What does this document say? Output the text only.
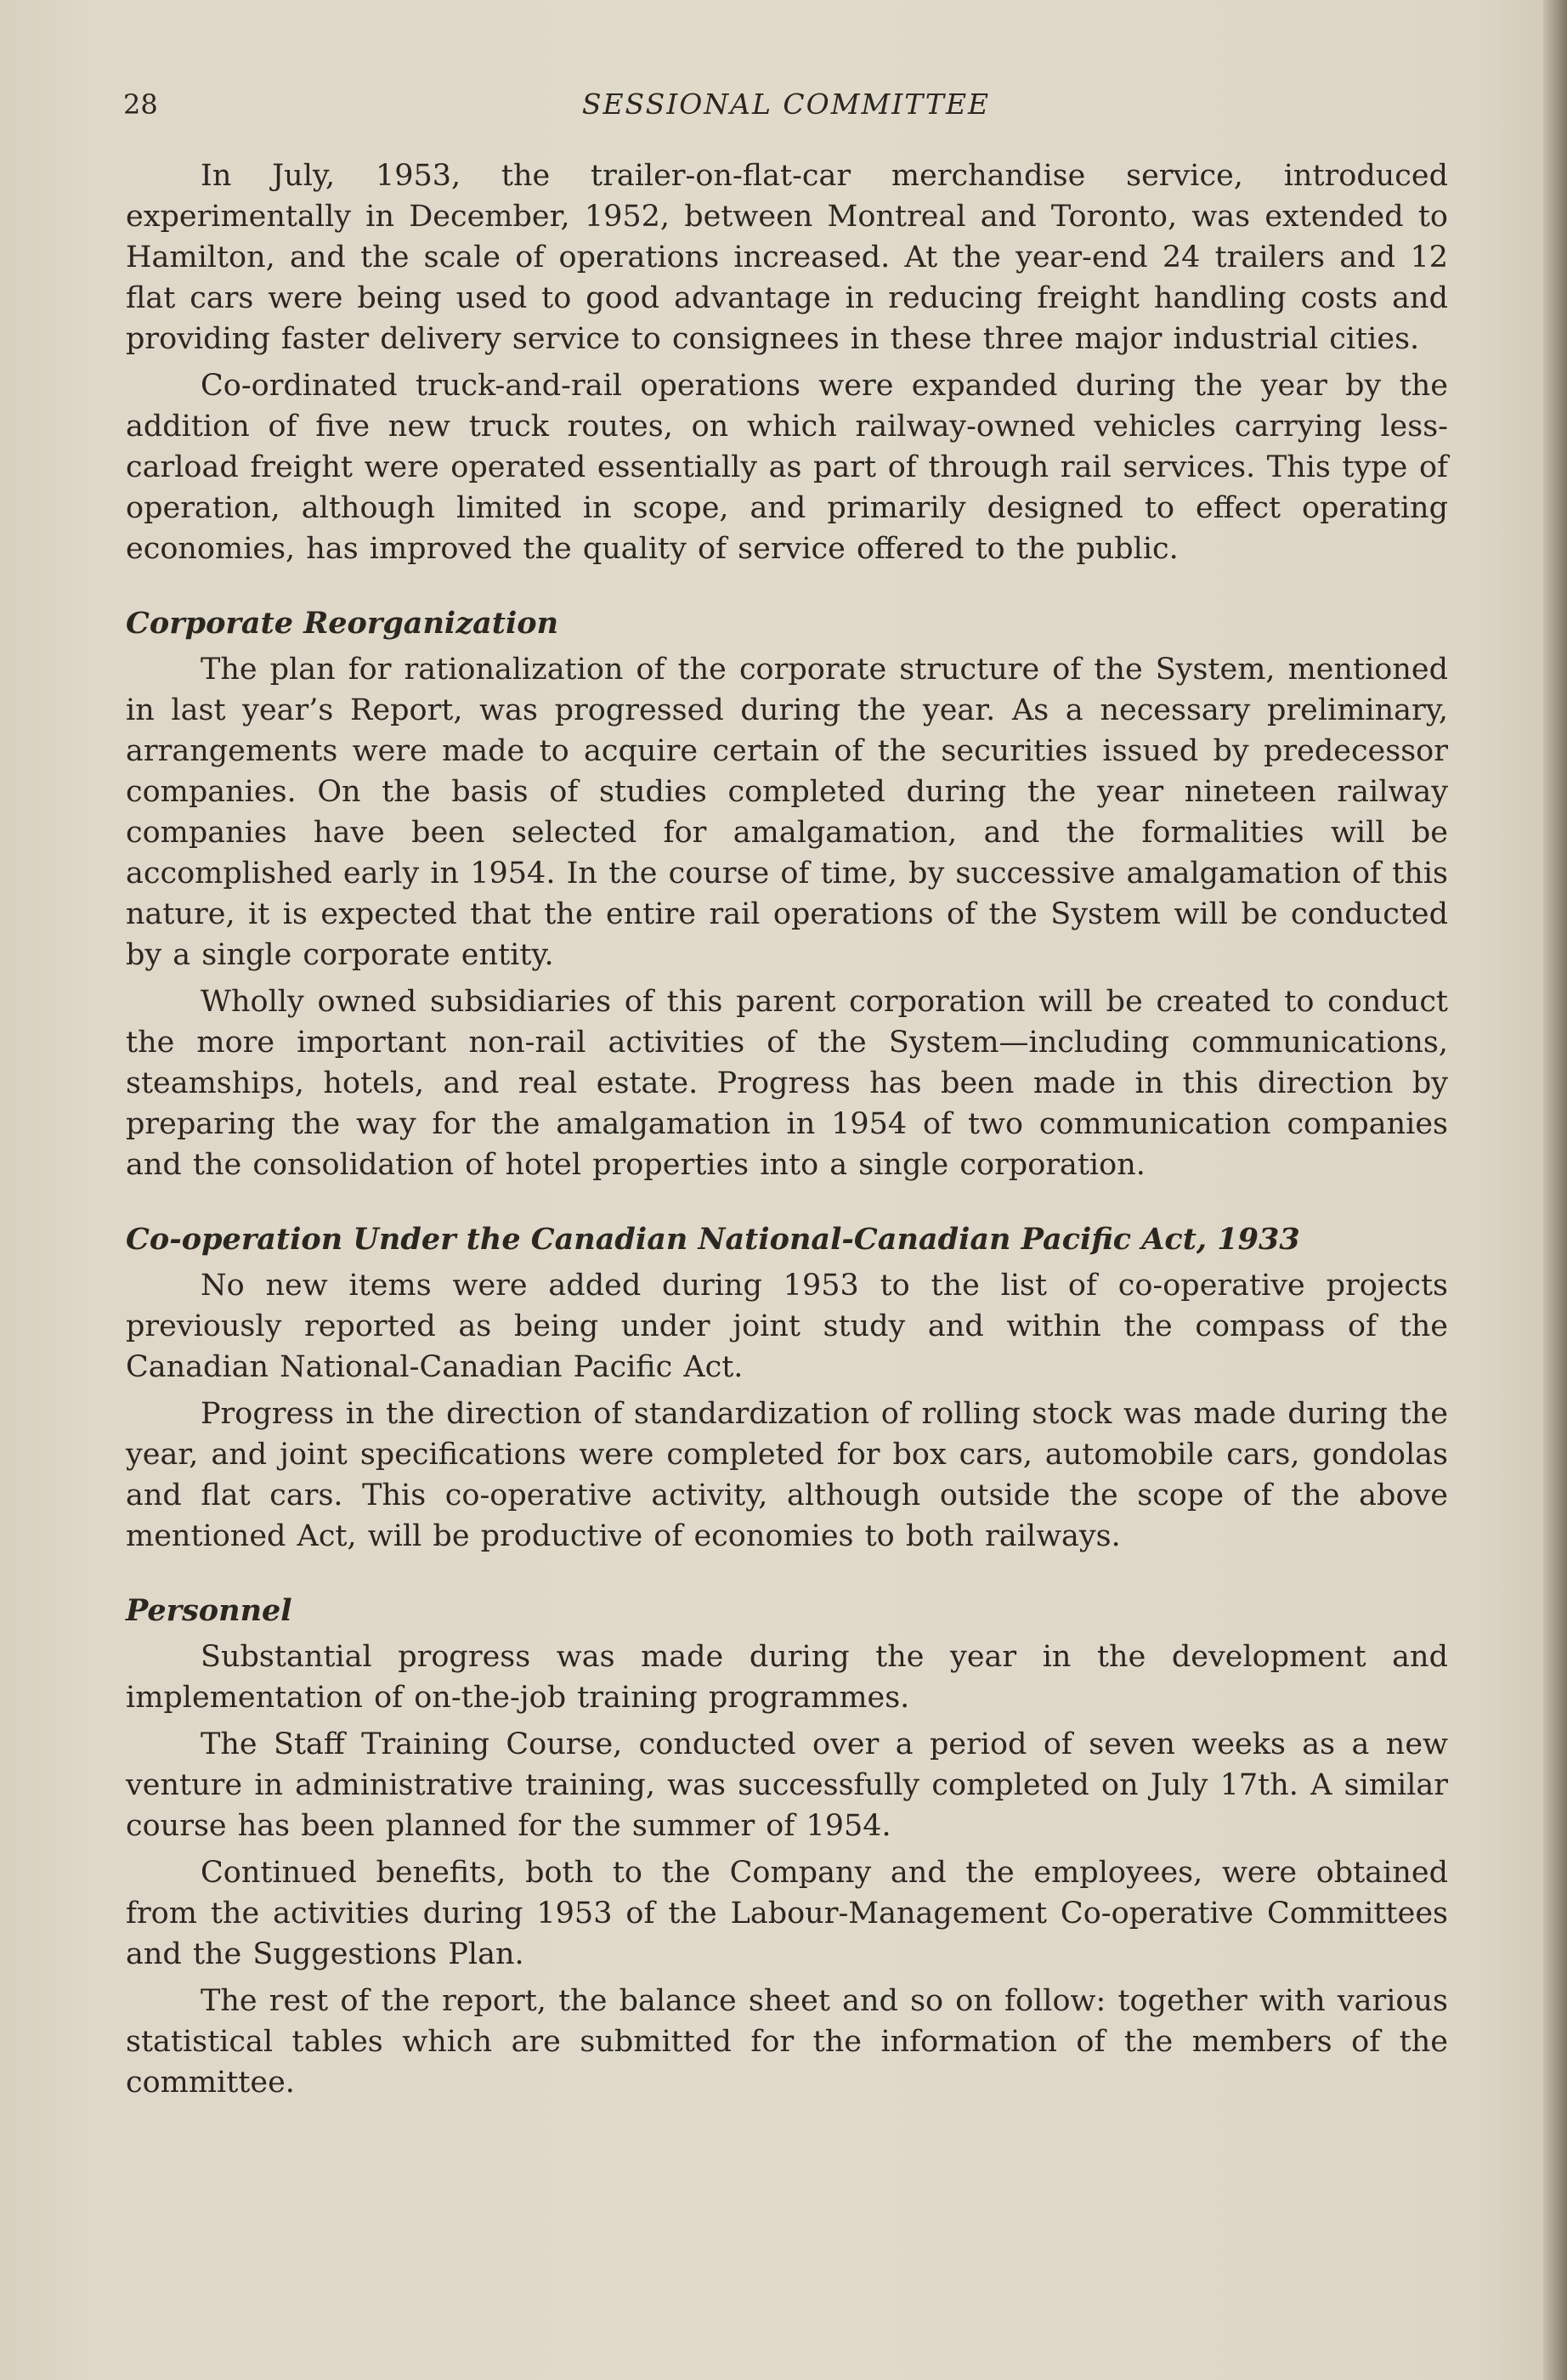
28	SESSIONAL COMMITTEE

In July, 1953, the trailer-on-flat-car merchandise service, introduced experimentally in December, 1952, between Montreal and Toronto, was extended to Hamilton, and the scale of operations increased. At the year-end 24 trailers and 12 flat cars were being used to good advantage in reducing freight handling costs and providing faster delivery service to consignees in these three major industrial cities.

Co-ordinated truck-and-rail operations were expanded during the year by the addition of five new truck routes, on which railway-owned vehicles carrying less-carload freight were operated essentially as part of through rail services. This type of operation, although limited in scope, and primarily designed to effect operating economies, has improved the quality of service offered to the public.

Corporate Reorganization

The plan for rationalization of the corporate structure of the System, mentioned in last year’s Report, was progressed during the year. As a necessary preliminary, arrangements were made to acquire certain of the securities issued by predecessor companies. On the basis of studies completed during the year nineteen railway companies have been selected for amalgamation, and the formalities will be accomplished early in 1954. In the course of time, by successive amalgamation of this nature, it is expected that the entire rail operations of the System will be conducted by a single corporate entity.

Wholly owned subsidiaries of this parent corporation will be created to conduct the more important non-rail activities of the System—including communications, steamships, hotels, and real estate. Progress has been made in this direction by preparing the way for the amalgamation in 1954 of two communication companies and the consolidation of hotel properties into a single corporation.

Co-operation Under the Canadian National-Canadian Pacific Act, 1933

No new items were added during 1953 to the list of co-operative projects previously reported as being under joint study and within the compass of the Canadian National-Canadian Pacific Act.

Progress in the direction of standardization of rolling stock was made during the year, and joint specifications were completed for box cars, automobile cars, gondolas and flat cars. This co-operative activity, although outside the scope of the above mentioned Act, will be productive of economies to both railways.

Personnel

Substantial progress was made during the year in the development and implementation of on-the-job training programmes.

The Staff Training Course, conducted over a period of seven weeks as a new venture in administrative training, was successfully completed on July 17th. A similar course has been planned for the summer of 1954.

Continued benefits, both to the Company and the employees, were obtained from the activities during 1953 of the Labour-Management Co-operative Committees and the Suggestions Plan.

The rest of the report, the balance sheet and so on follow: together with various statistical tables which are submitted for the information of the members of the committee.
